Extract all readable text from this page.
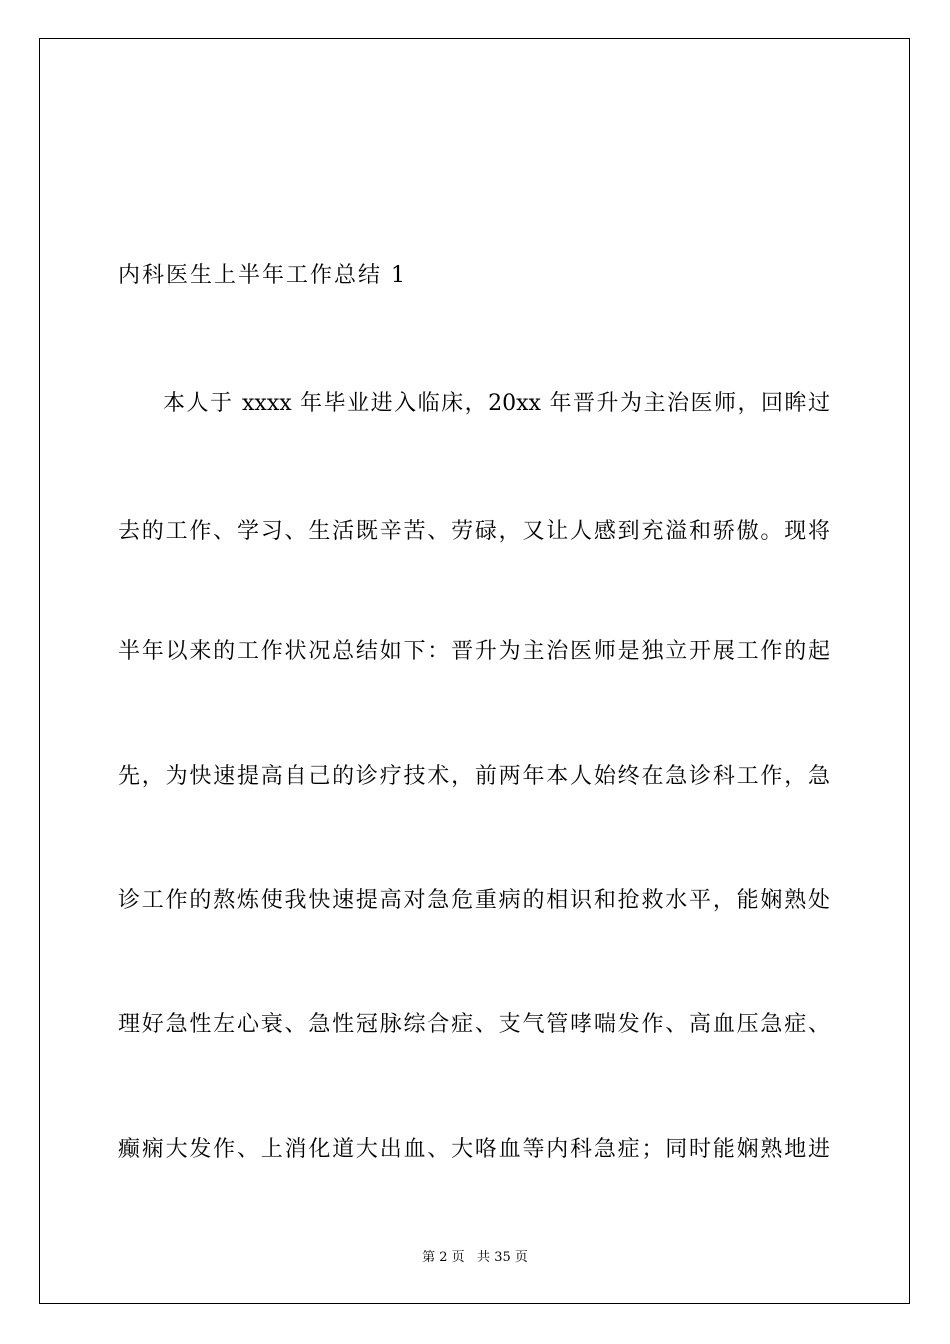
内科医生上半年工作总结 1
本人于 xxxx 年毕业进入临床，20xx 年晋升为主治医师，回眸过
去的工作、学习、生活既辛苦、劳碌，又让人感到充溢和骄傲。现将
半年以来的工作状况总结如下：晋升为主治医师是独立开展工作的起
先，为快速提高自己的诊疗技术，前两年本人始终在急诊科工作，急
诊工作的熬炼使我快速提高对急危重病的相识和抢救水平，能娴熟处
理好急性左心衰、急性冠脉综合症、支气管哮喘发作、高血压急症、
癫痫大发作、上消化道大出血、大咯血等内科急症；同时能娴熟地进
第 2 页   共 35 页
